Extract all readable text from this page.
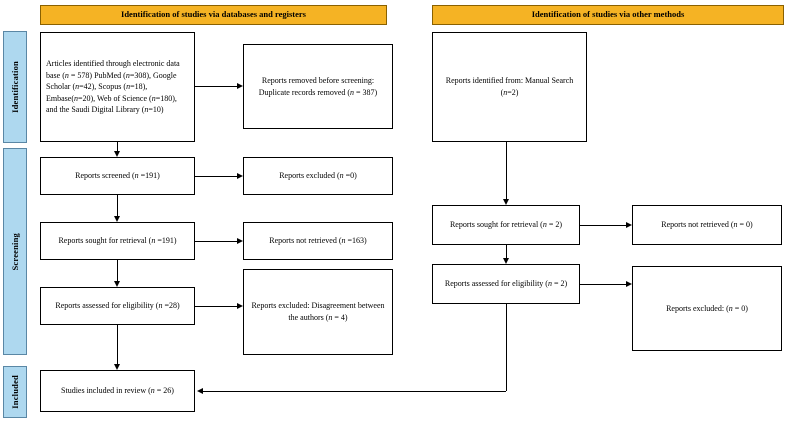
Identification of studies via databases and registers	Identification of studies via other methods
Identification
Screening
Included
Articles identified through electronic data base (n = 578) PubMed (n=308), Google Scholar (n=42), Scopus (n=18), Embase(n=20), Web of Science (n=180), and the Saudi Digital Library (n=10)
Reports removed before screening: Duplicate records removed (n = 387)
Reports screened (n =191)	Reports excluded (n =0)
Reports sought for retrieval (n =191)	Reports not retrieved (n =163)
Reports assessed for eligibility (n =28)	Reports excluded: Disagreement between the authors (n = 4)
Studies included in review (n = 26)
Reports identified from: Manual Search (n=2)
Reports sought for retrieval (n = 2)	Reports not retrieved (n = 0)
Reports assessed for eligibility (n = 2)
Reports excluded: (n = 0)
